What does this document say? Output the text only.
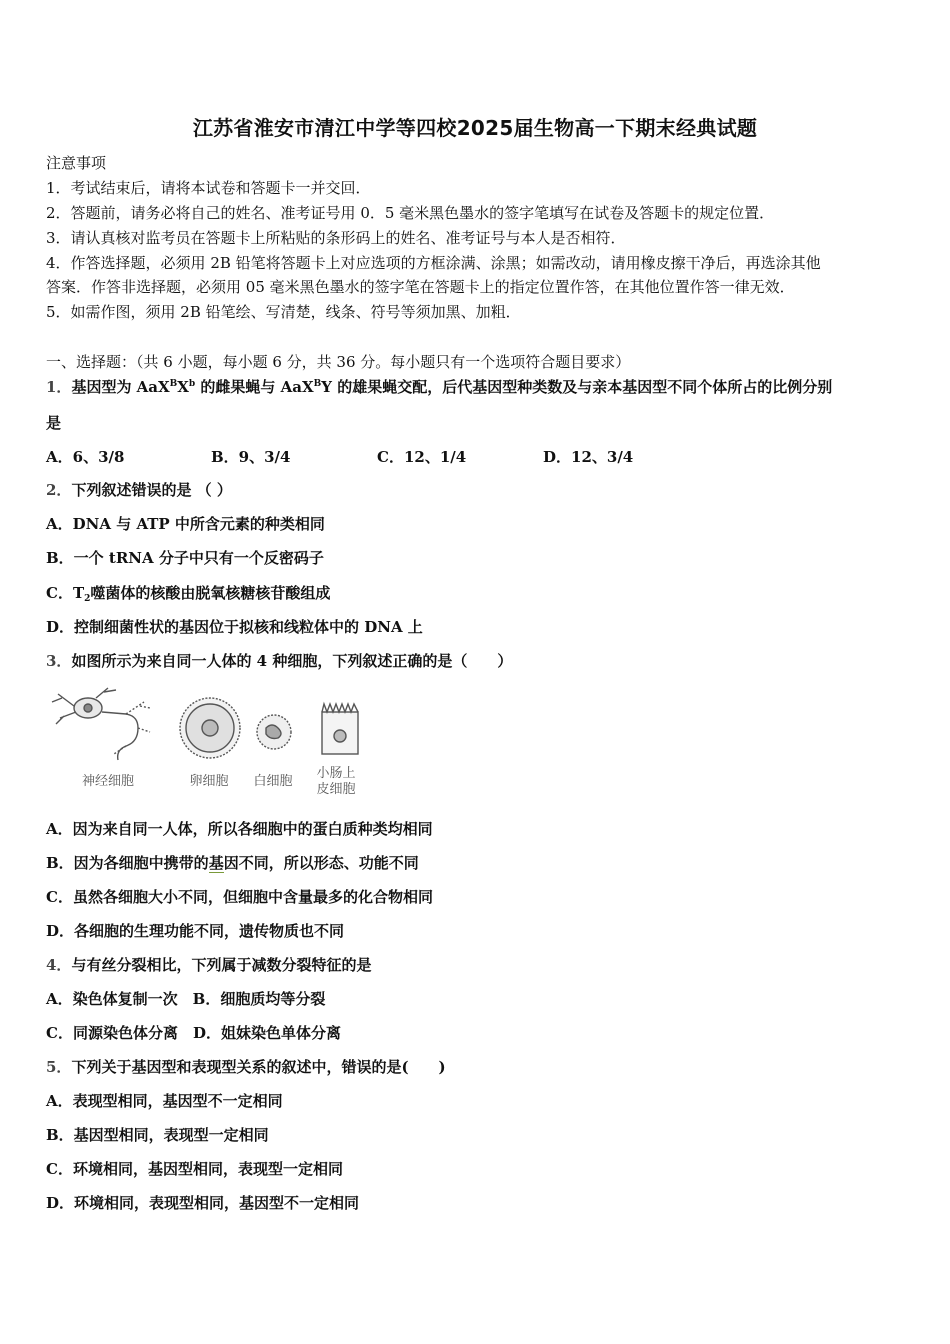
江苏省淮安市清江中学等四校2025届生物高一下期末经典试题
注意事项
1．考试结束后，请将本试卷和答题卡一并交回．
2．答题前，请务必将自己的姓名、准考证号用 0．5 毫米黑色墨水的签字笔填写在试卷及答题卡的规定位置．
3．请认真核对监考员在答题卡上所粘贴的条形码上的姓名、准考证号与本人是否相符．
4．作答选择题，必须用 2B 铅笔将答题卡上对应选项的方框涂满、涂黑；如需改动，请用橡皮擦干净后，再选涂其他
答案．作答非选择题，必须用 05 毫米黑色墨水的签字笔在答题卡上的指定位置作答，在其他位置作答一律无效．
5．如需作图，须用 2B 铅笔绘、写清楚，线条、符号等须加黑、加粗．
一、选择题：（共 6 小题，每小题 6 分，共 36 分。每小题只有一个选项符合题目要求）
1．基因型为 $AaX^BX^b$ 的雌果蝇与 AaX$^B$Y 的雄果蝇交配，后代基因型种类数及与亲本基因型不同个体所占的比例分别
是
A．6、3/8	B．9、3/4	C．12、1/4	D．12、3/4
2．下列叙述错误的是 （ ）
A．DNA 与 ATP 中所含元素的种类相同
B．一个 tRNA 分子中只有一个反密码子
C．$T_2$噬菌体的核酸由脱氧核糖核苷酸组成
D．控制细菌性状的基因位于拟核和线粒体中的 DNA 上
3．如图所示为来自同一人体的 4 种细胞，下列叙述正确的是（　　）
神经细胞	卵细胞	白细胞
小肠上
皮细胞
A．因为来自同一人体，所以各细胞中的蛋白质种类均相同
B．因为各细胞中携带的基因不同，所以形态、功能不同
C．虽然各细胞大小不同，但细胞中含量最多的化合物相同
D．各细胞的生理功能不同，遗传物质也不同
4．与有丝分裂相比，下列属于减数分裂特征的是
A．染色体复制一次　B．细胞质均等分裂
C．同源染色体分离　D．姐妹染色单体分离
5．下列关于基因型和表现型关系的叙述中，错误的是(　　)
A．表现型相同，基因型不一定相同
B．基因型相同，表现型一定相同
C．环境相同，基因型相同，表现型一定相同
D．环境相同，表现型相同，基因型不一定相同
